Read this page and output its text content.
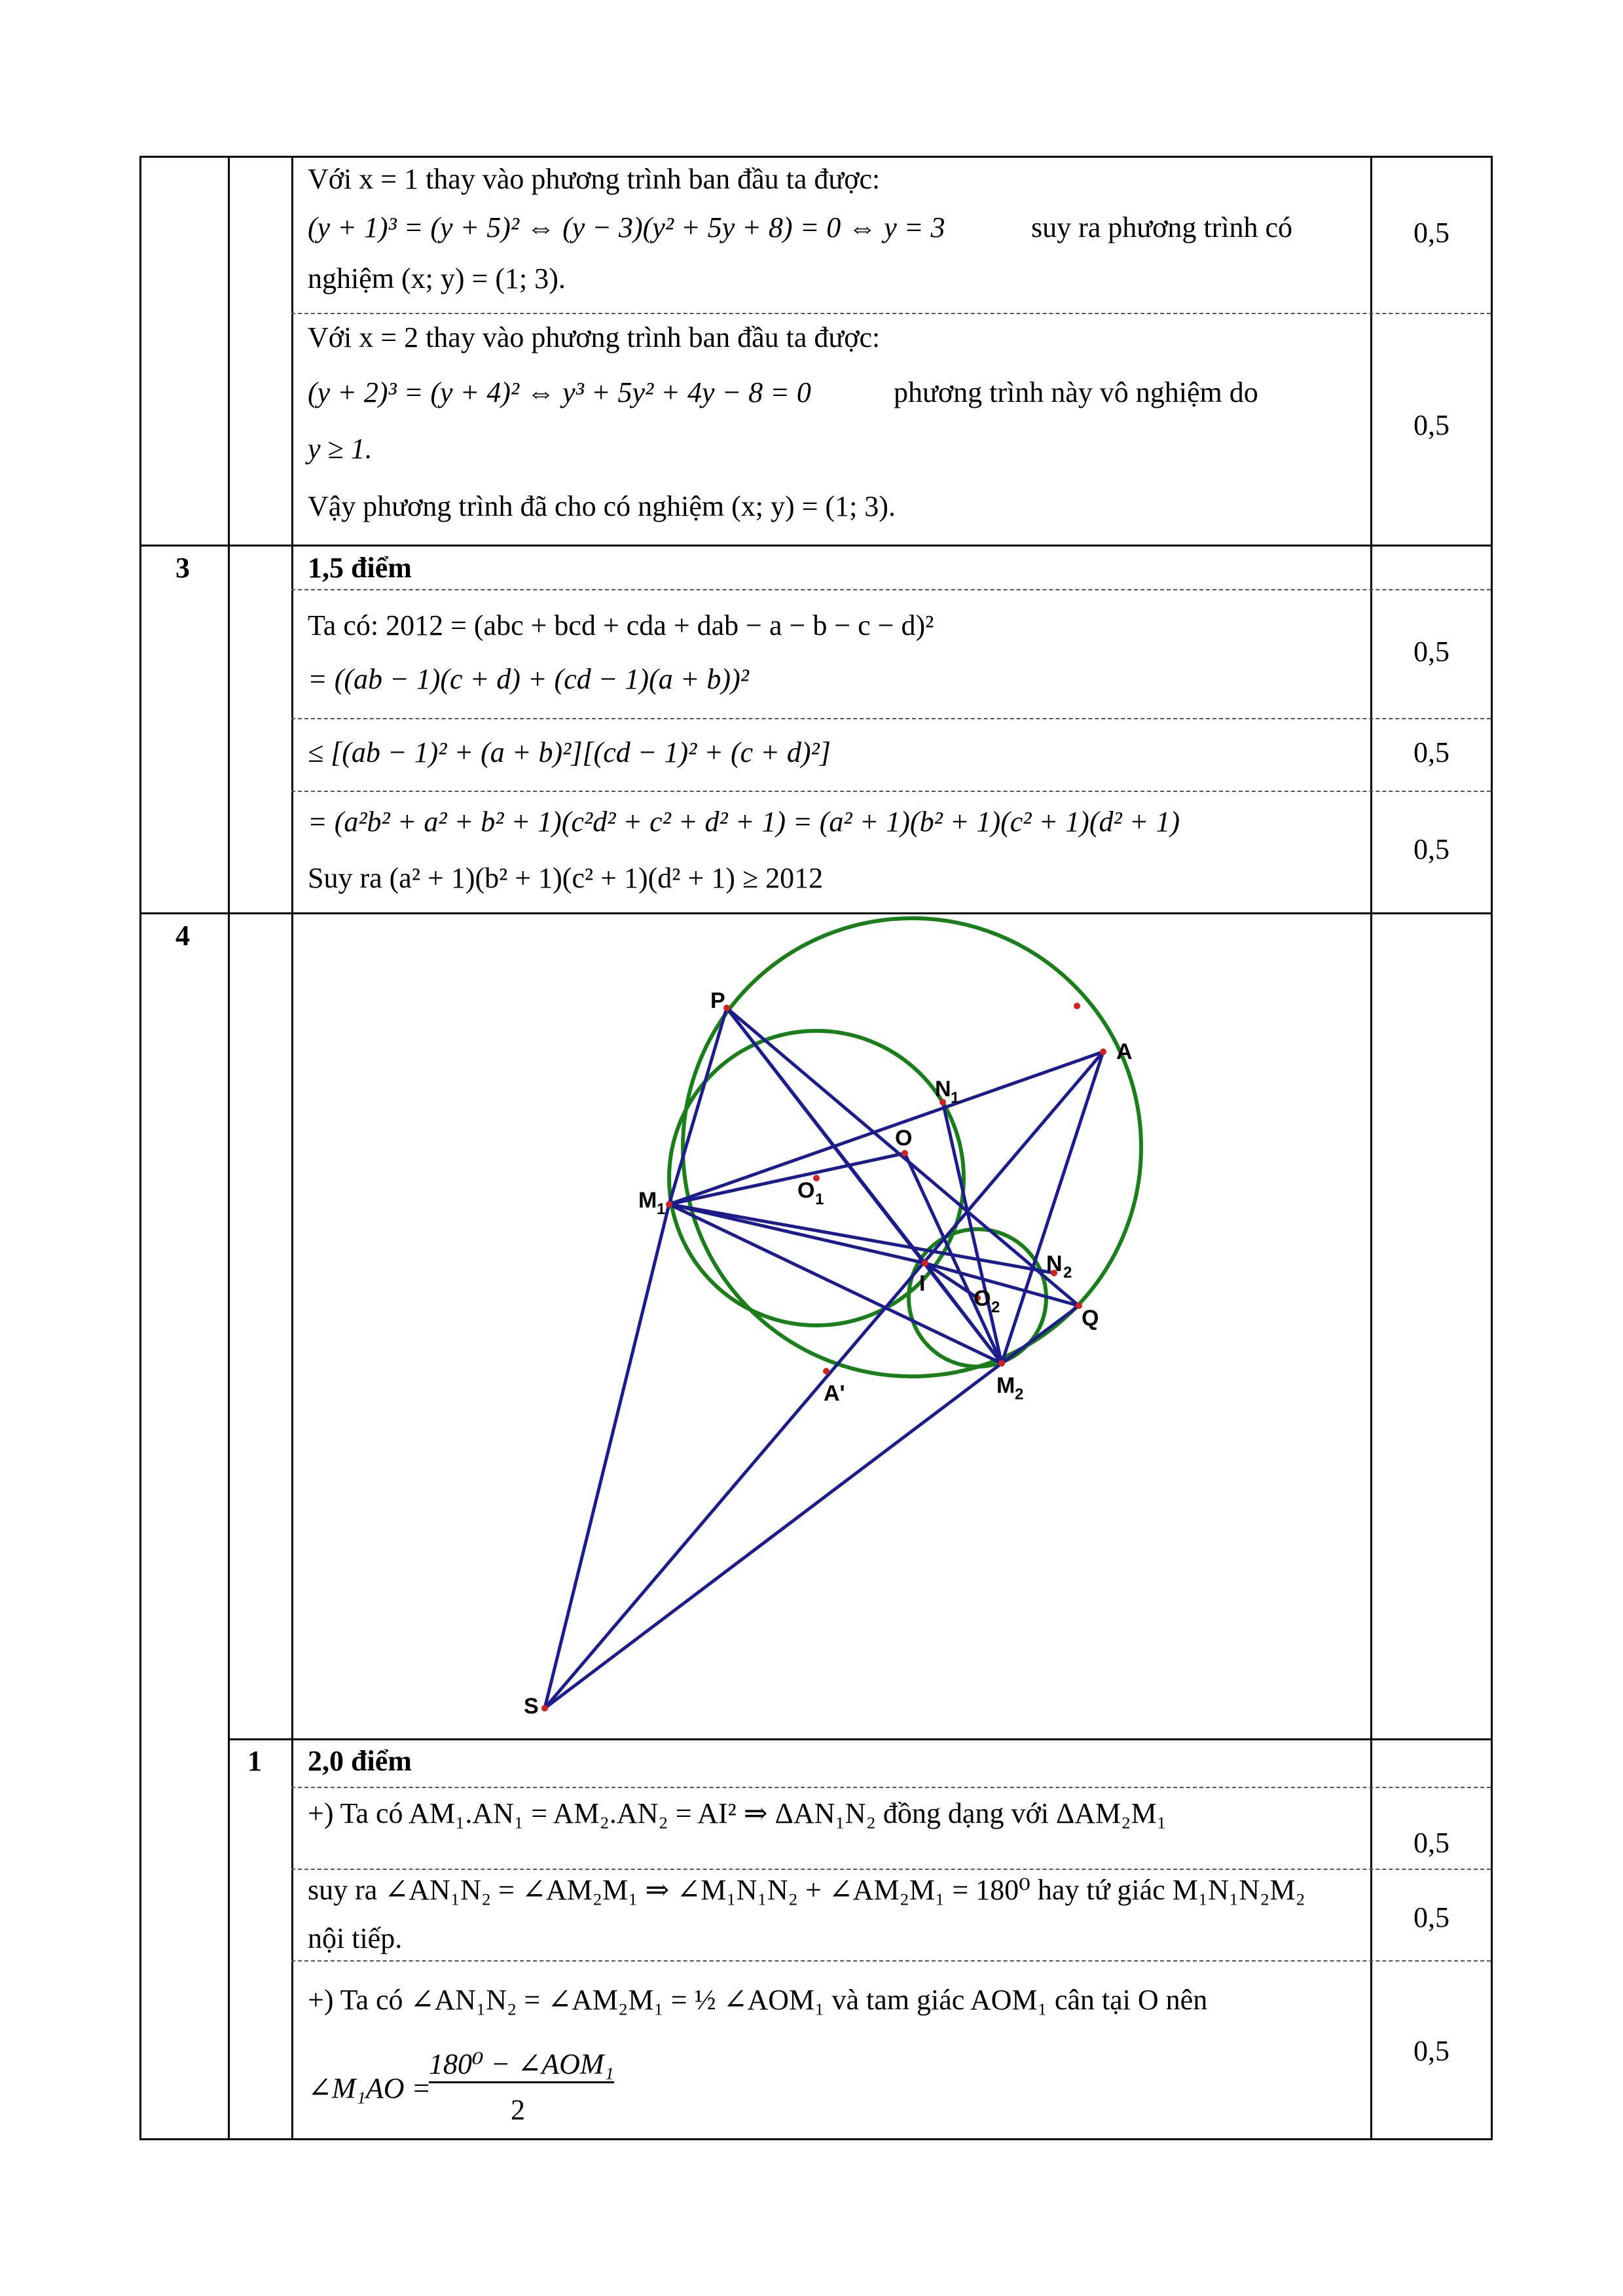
Với x = 1 thay vào phương trình ban đầu ta được:
(y + 1)³ = (y + 5)² ⇔ (y − 3)(y² + 5y + 8) = 0 ⇔ y = 3	suy ra phương trình có
nghiệm (x; y) = (1; 3).
0,5
Với x = 2 thay vào phương trình ban đầu ta được:
(y + 2)³ = (y + 4)² ⇔ y³ + 5y² + 4y − 8 = 0	phương trình này vô nghiệm do
y ≥ 1.
Vậy phương trình đã cho có nghiệm (x; y) = (1; 3).
0,5
3	1,5 điểm
Ta có: 2012 = (abc + bcd + cda + dab − a − b − c − d)²
= ((ab − 1)(c + d) + (cd − 1)(a + b))²
0,5
≤ [(ab − 1)² + (a + b)²][(cd − 1)² + (c + d)²]	0,5
= (a²b² + a² + b² + 1)(c²d² + c² + d² + 1) = (a² + 1)(b² + 1)(c² + 1)(d² + 1)
Suy ra (a² + 1)(b² + 1)(c² + 1)(d² + 1) ≥ 2012
0,5
4
P
A
N 1
O
M 1
O 1
N 2
I
O 2	Q
A'	M 2
S
1 2,0 điểm
+) Ta có AM₁.AN₁ = AM₂.AN₂ = AI² ⇒ ΔAN₁N₂ đồng dạng với ΔAM₂M₁
0,5
suy ra ∠AN₁N₂ = ∠AM₂M₁ ⇒ ∠M₁N₁N₂ + ∠AM₂M₁ = 180⁰ hay tứ giác M₁N₁N₂M₂
nội tiếp.
0,5
+) Ta có ∠AN₁N₂ = ∠AM₂M₁ = ½ ∠AOM₁ và tam giác AOM₁ cân tại O nên
∠M₁AO =
180⁰ − ∠AOM₁
2
0,5
